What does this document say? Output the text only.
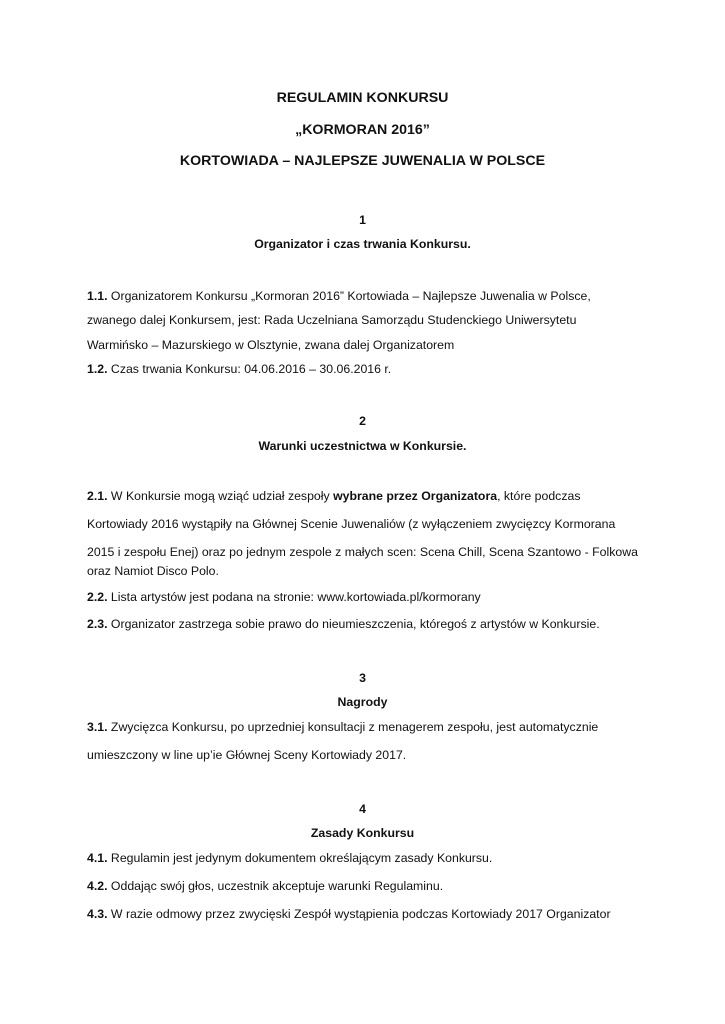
REGULAMIN KONKURSU
„KORMORAN 2016”
KORTOWIADA – NAJLEPSZE JUWENALIA W POLSCE
1
Organizator i czas trwania Konkursu.
1.1. Organizatorem Konkursu „Kormoran 2016” Kortowiada – Najlepsze Juwenalia w Polsce,
zwanego dalej Konkursem, jest: Rada Uczelniana Samorządu Studenckiego Uniwersytetu
Warmińsko – Mazurskiego w Olsztynie, zwana dalej Organizatorem
1.2. Czas trwania Konkursu: 04.06.2016 – 30.06.2016 r.
2
Warunki uczestnictwa w Konkursie.
2.1. W Konkursie mogą wziąć udział zespoły wybrane przez Organizatora, które podczas
Kortowiady 2016 wystąpiły na Głównej Scenie Juwenaliów (z wyłączeniem zwycięzcy Kormorana
2015 i zespołu Enej) oraz po jednym zespole z małych scen: Scena Chill, Scena Szantowo - Folkowa
oraz Namiot Disco Polo.
2.2. Lista artystów jest podana na stronie: www.kortowiada.pl/kormorany
2.3. Organizator zastrzega sobie prawo do nieumieszczenia, któregoś z artystów w Konkursie.
3
Nagrody
3.1. Zwycięzca Konkursu, po uprzedniej konsultacji z menagerem zespołu, jest automatycznie
umieszczony w line up’ie Głównej Sceny Kortowiady 2017.
4
Zasady Konkursu
4.1. Regulamin jest jedynym dokumentem określającym zasady Konkursu.
4.2. Oddając swój głos, uczestnik akceptuje warunki Regulaminu.
4.3. W razie odmowy przez zwycięski Zespół wystąpienia podczas Kortowiady 2017 Organizator
